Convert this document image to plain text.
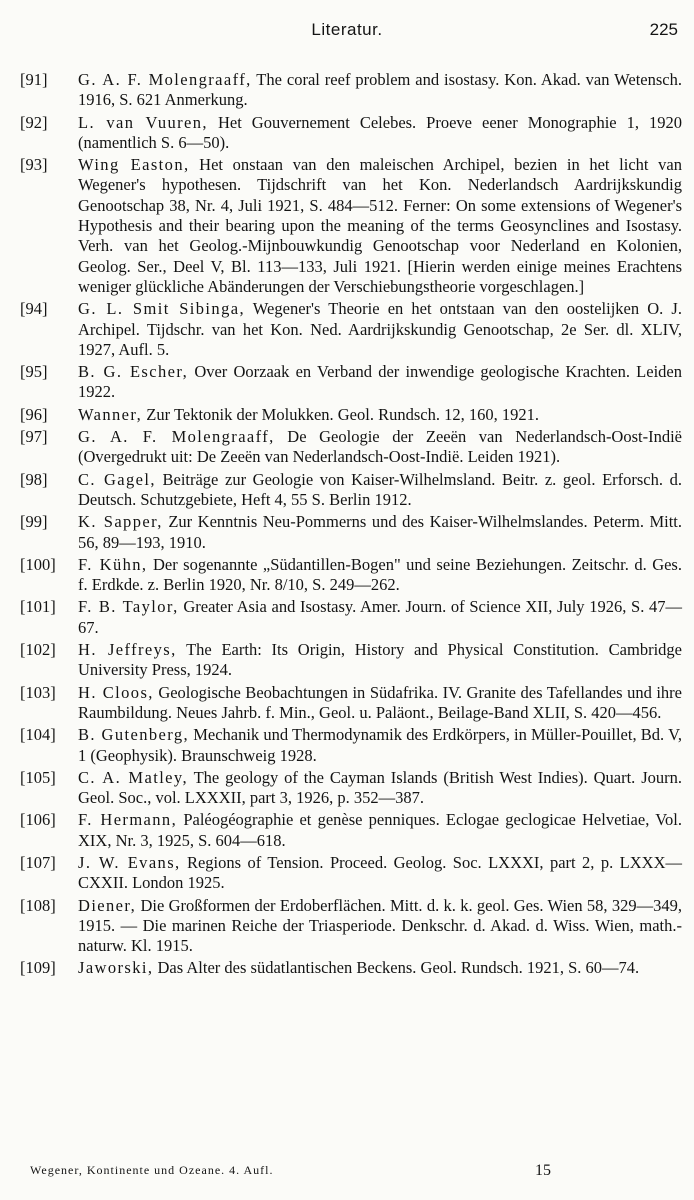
Literatur.	225
[91]	G. A. F. Molengraaff, The coral reef problem and isostasy. Kon. Akad. van Wetensch. 1916, S. 621 Anmerkung.
[92]	L. van Vuuren, Het Gouvernement Celebes. Proeve eener Monographie 1, 1920 (namentlich S. 6—50).
[93]	Wing Easton, Het onstaan van den maleischen Archipel, bezien in het licht van Wegener's hypothesen. Tijdschrift van het Kon. Nederlandsch Aardrijkskundig Genootschap 38, Nr. 4, Juli 1921, S. 484—512. Ferner: On some extensions of Wegener's Hypothesis and their bearing upon the meaning of the terms Geosynclines and Isostasy. Verh. van het Geolog.-Mijnbouwkundig Genootschap voor Nederland en Kolonien, Geolog. Ser., Deel V, Bl. 113—133, Juli 1921. [Hierin werden einige meines Erachtens weniger glückliche Abänderungen der Verschiebungstheorie vorgeschlagen.]
[94]	G. L. Smit Sibinga, Wegener's Theorie en het ontstaan van den oostelijken O. J. Archipel. Tijdschr. van het Kon. Ned. Aardrijkskundig Genootschap, 2e Ser. dl. XLIV, 1927, Aufl. 5.
[95]	B. G. Escher, Over Oorzaak en Verband der inwendige geologische Krachten. Leiden 1922.
[96]	Wanner, Zur Tektonik der Molukken. Geol. Rundsch. 12, 160, 1921.
[97]	G. A. F. Molengraaff, De Geologie der Zeeën van Nederlandsch-Oost-Indië (Overgedrukt uit: De Zeeën van Nederlandsch-Oost-Indië. Leiden 1921).
[98]	C. Gagel, Beiträge zur Geologie von Kaiser-Wilhelmsland. Beitr. z. geol. Erforsch. d. Deutsch. Schutzgebiete, Heft 4, 55 S. Berlin 1912.
[99]	K. Sapper, Zur Kenntnis Neu-Pommerns und des Kaiser-Wilhelmslandes. Peterm. Mitt. 56, 89—193, 1910.
[100]	F. Kühn, Der sogenannte „Südantillen-Bogen" und seine Beziehungen. Zeitschr. d. Ges. f. Erdkde. z. Berlin 1920, Nr. 8/10, S. 249—262.
[101]	F. B. Taylor, Greater Asia and Isostasy. Amer. Journ. of Science XII, July 1926, S. 47—67.
[102]	H. Jeffreys, The Earth: Its Origin, History and Physical Constitution. Cambridge University Press, 1924.
[103]	H. Cloos, Geologische Beobachtungen in Südafrika. IV. Granite des Tafellandes und ihre Raumbildung. Neues Jahrb. f. Min., Geol. u. Paläont., Beilage-Band XLII, S. 420—456.
[104]	B. Gutenberg, Mechanik und Thermodynamik des Erdkörpers, in Müller-Pouillet, Bd. V, 1 (Geophysik). Braunschweig 1928.
[105]	C. A. Matley, The geology of the Cayman Islands (British West Indies). Quart. Journ. Geol. Soc., vol. LXXXII, part 3, 1926, p. 352—387.
[106]	F. Hermann, Paléogéographie et genèse penniques. Eclogae geclogicae Helvetiae, Vol. XIX, Nr. 3, 1925, S. 604—618.
[107]	J. W. Evans, Regions of Tension. Proceed. Geolog. Soc. LXXXI, part 2, p. LXXX—CXXII. London 1925.
[108]	Diener, Die Großformen der Erdoberflächen. Mitt. d. k. k. geol. Ges. Wien 58, 329—349, 1915. — Die marinen Reiche der Triasperiode. Denkschr. d. Akad. d. Wiss. Wien, math.-naturw. Kl. 1915.
[109]	Jaworski, Das Alter des südatlantischen Beckens. Geol. Rundsch. 1921, S. 60—74.
Wegener, Kontinente und Ozeane. 4. Aufl.	15
